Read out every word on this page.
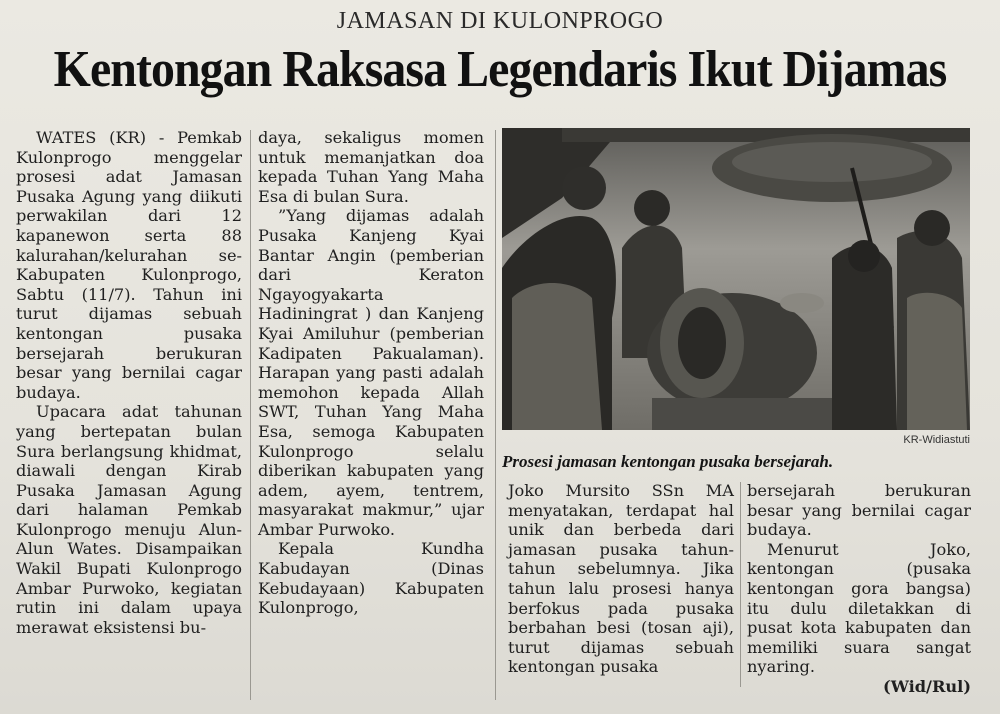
JAMASAN DI KULONPROGO
Kentongan Raksasa Legendaris Ikut Dijamas

WATES (KR) - Pemkab Kulonprogo menggelar prosesi adat Jamasan Pusaka Agung yang diikuti perwakilan dari 12 kapanewon serta 88 kalurahan/kelurahan se-Kabupaten Kulonprogo, Sabtu (11/7). Tahun ini turut dijamas sebuah kentongan pusaka bersejarah berukuran besar yang bernilai cagar budaya.

Upacara adat tahunan yang bertepatan bulan Sura berlangsung khidmat, diawali dengan Kirab Pusaka Jamasan Agung dari halaman Pemkab Kulonprogo menuju Alun-Alun Wates. Disampaikan Wakil Bupati Kulonprogo Ambar Purwoko, kegiatan rutin ini dalam upaya merawat eksistensi bu-

daya, sekaligus momen untuk memanjatkan doa kepada Tuhan Yang Maha Esa di bulan Sura.

”Yang dijamas adalah Pusaka Kanjeng Kyai Bantar Angin (pemberian dari Keraton Ngayogyakarta Hadiningrat ) dan Kanjeng Kyai Amiluhur (pemberian Kadipaten Pakualaman). Harapan yang pasti adalah memohon kepada Allah SWT, Tuhan Yang Maha Esa, semoga Kabupaten Kulonprogo selalu diberikan kabupaten yang adem, ayem, tentrem, masyarakat makmur,” ujar Ambar Purwoko.

Kepala Kundha Kabudayan (Dinas Kebudayaan) Kabupaten Kulonprogo,

KR-Widiastuti
Prosesi jamasan kentongan pusaka bersejarah.

Joko Mursito SSn MA menyatakan, terdapat hal unik dan berbeda dari jamasan pusaka tahun-tahun sebelumnya. Jika tahun lalu prosesi hanya berfokus pada pusaka berbahan besi (tosan aji), turut dijamas sebuah kentongan pusaka

bersejarah berukuran besar yang bernilai cagar budaya.

Menurut Joko, kentongan (pusaka kentongan gora bangsa) itu dulu diletakkan di pusat kota kabupaten dan memiliki suara sangat nyaring.

(Wid/Rul)
